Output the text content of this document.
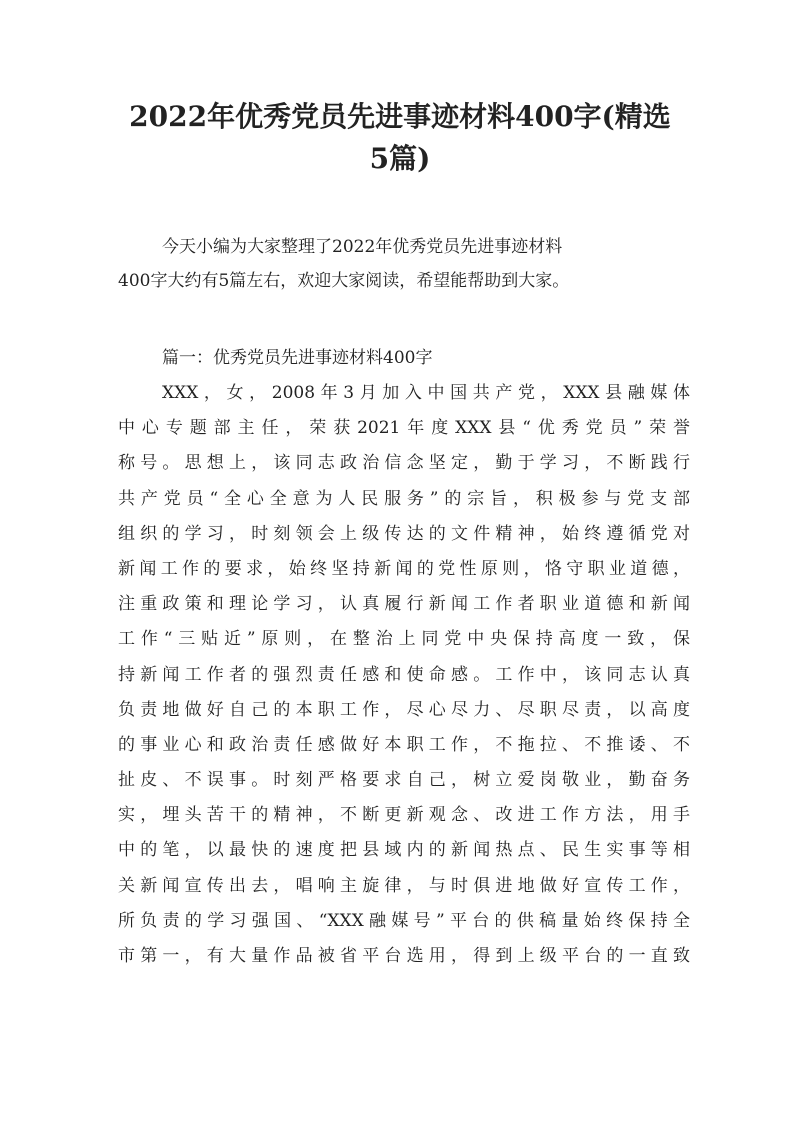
2022年优秀党员先进事迹材料400字(精选
5篇)

今天小编为大家整理了2022年优秀党员先进事迹材料
400字大约有5篇左右，欢迎大家阅读，希望能帮助到大家。

篇一：优秀党员先进事迹材料400字

XXX，女，2008年3月加入中国共产党，XXX县融媒体
中心专题部主任，荣获2021年度XXX县“优秀党员”荣誉
称号。思想上，该同志政治信念坚定，勤于学习，不断践行
共产党员“全心全意为人民服务”的宗旨，积极参与党支部
组织的学习，时刻领会上级传达的文件精神，始终遵循党对
新闻工作的要求，始终坚持新闻的党性原则，恪守职业道德，
注重政策和理论学习，认真履行新闻工作者职业道德和新闻
工作“三贴近”原则，在整治上同党中央保持高度一致，保
持新闻工作者的强烈责任感和使命感。工作中，该同志认真
负责地做好自己的本职工作，尽心尽力、尽职尽责，以高度
的事业心和政治责任感做好本职工作，不拖拉、不推诿、不
扯皮、不误事。时刻严格要求自己，树立爱岗敬业，勤奋务
实，埋头苦干的精神，不断更新观念、改进工作方法，用手
中的笔，以最快的速度把县域内的新闻热点、民生实事等相
关新闻宣传出去，唱响主旋律，与时俱进地做好宣传工作，
所负责的学习强国、“XXX融媒号”平台的供稿量始终保持全
市第一，有大量作品被省平台选用，得到上级平台的一直致
